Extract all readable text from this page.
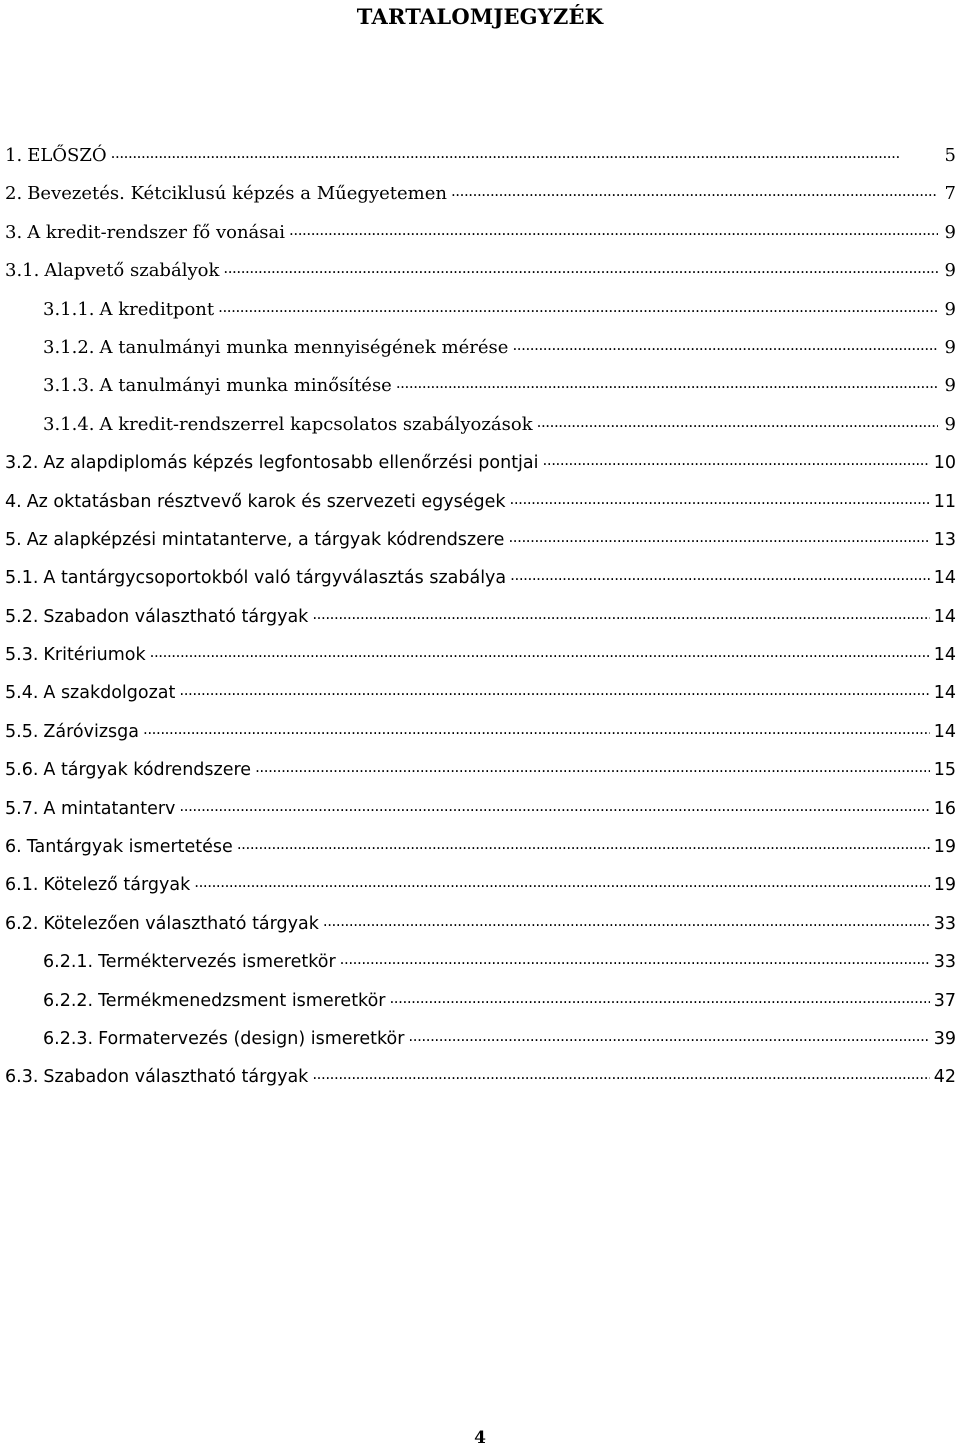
TARTALOMJEGYZÉK
1. ELŐSZÓ . . .	5
2. Bevezetés. Kétciklusú képzés a Műegyetemen . . .	7
3. A kredit-rendszer fő vonásai . . .	9
3.1. Alapvető szabályok . . .	9
3.1.1. A kreditpont . . .	9
3.1.2. A tanulmányi munka mennyiségének mérése . . .	9
3.1.3. A tanulmányi munka minősítése . . .	9
3.1.4. A kredit-rendszerrel kapcsolatos szabályozások . . .	9
3.2. Az alapdiplomás képzés legfontosabb ellenőrzési pontjai . . .	10
4. Az oktatásban résztvevő karok és szervezeti egységek . . .	11
5. Az alapképzési mintatanterve, a tárgyak kódrendszere . . .	13
5.1. A tantárgycsoportokból való tárgyválasztás szabálya . . .	14
5.2. Szabadon választható tárgyak . . .	14
5.3. Kritériumok . . .	14
5.4. A szakdolgozat . . .	14
5.5. Záróvizsga . . .	14
5.6. A tárgyak kódrendszere . . .	15
5.7. A mintatanterv . . .	16
6. Tantárgyak ismertetése . . .	19
6.1. Kötelező tárgyak . . .	19
6.2. Kötelezően választható tárgyak . . .	33
6.2.1. Terméktervezés ismeretkör . . .	33
6.2.2. Termékmenedzsment ismeretkör . . .	37
6.2.3. Formatervezés (design) ismeretkör . . .	39
6.3. Szabadon választható tárgyak . . .	42
4
